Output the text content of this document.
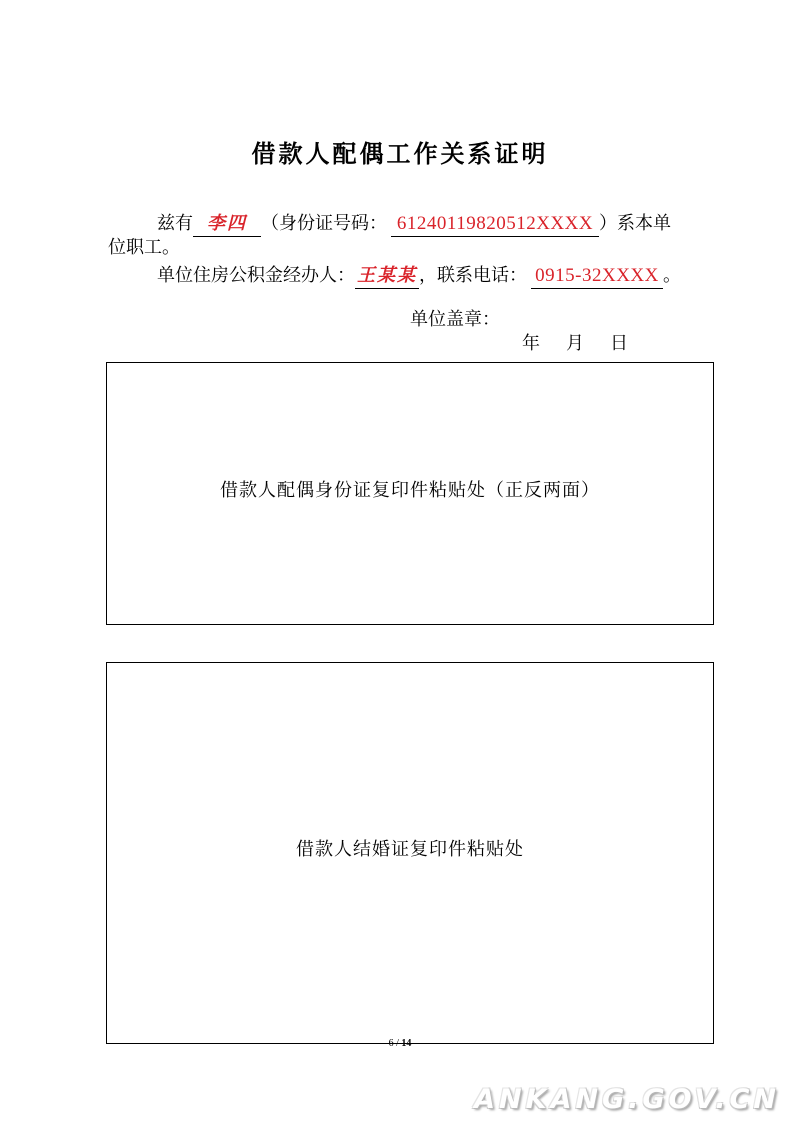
借款人配偶工作关系证明
兹有 李四 （身份证号码： 61240119820512XXXX ）系本单
位职工。
单位住房公积金经办人： 王某某 ，联系电话： 0915-32XXXX 。
单位盖章：
年 月 日
借款人配偶身份证复印件粘贴处（正反两面）
借款人结婚证复印件粘贴处
6 / 14
ANKANG.GOV.CN
